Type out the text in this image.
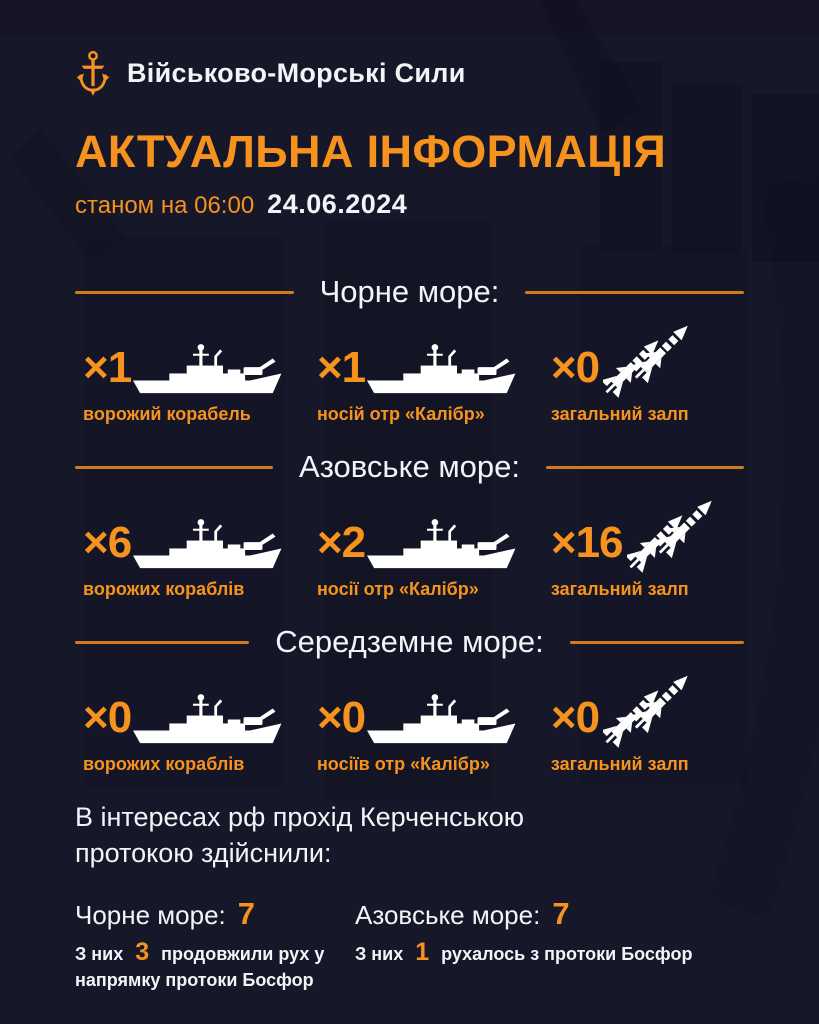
Військово-Морські Сили
АКТУАЛЬНА ІНФОРМАЦІЯ
станом на 06:00 24.06.2024
Чорне море:
×1
ворожий корабель
×1
носій отр «Калібр»
×0
загальний залп
Азовське море:
×6
ворожих кораблів
×2
носії отр «Калібр»
×16
загальний залп
Середземне море:
×0
ворожих кораблів
×0
носіїв отр «Калібр»
×0
загальний залп
В інтересах рф прохід Керченською протокою здійснили:
Чорне море: 7
З них 3 продовжили рух у напрямку протоки Босфор
Азовське море: 7
З них 1 рухалось з протоки Босфор
